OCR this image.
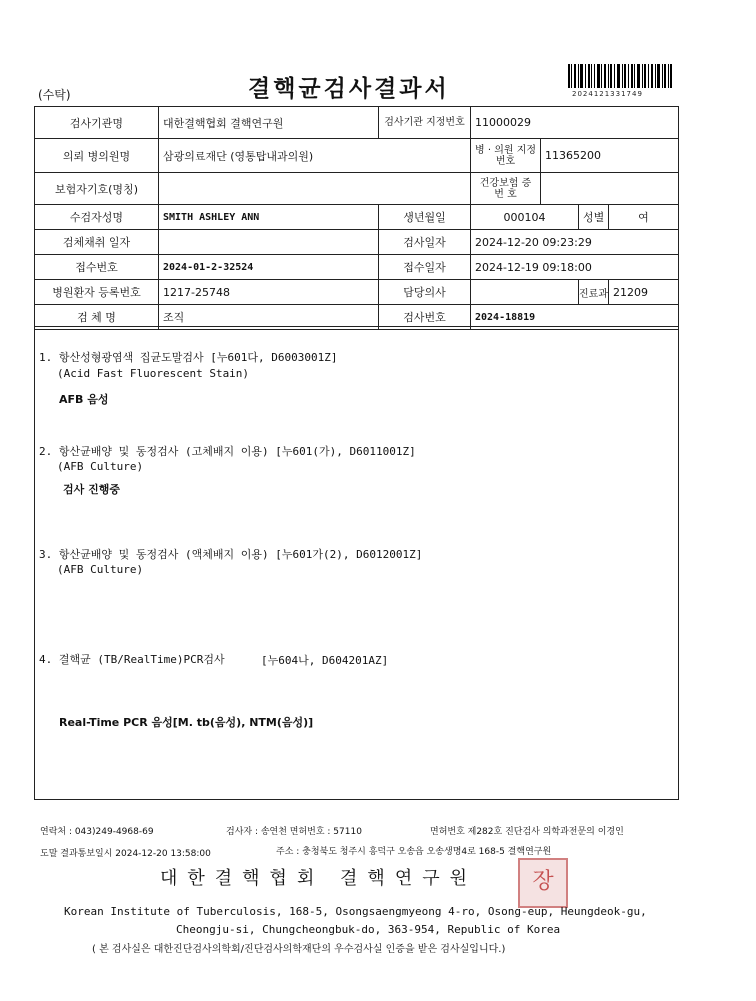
(수탁)	결핵균검사결과서	2024121331749
검사기관명	대한결핵협회 결핵연구원	검사기관 지정번호	11000029			
의뢰 병의원명	삼광의료재단 (영통탑내과의원)		병 · 의원 지정번호	11365200		
보험자기호(명칭)			건강보험 증 번 호			
수검자성명	SMITH ASHLEY ANN	생년월일	000104		성별	여
검체채취 일자		검사일자	2024-12-20 09:23:29			
접수번호	2024-01-2-32524	접수일자	2024-12-19 09:18:00			
병원환자 등록번호	1217-25748	담당의사			진료과	21209
검 체 명	조직	검사번호	2024-18819			
1. 항산성형광염색 집균도말검사 [누601다, D6003001Z]
(Acid Fast Fluorescent Stain)
AFB 음성
2. 항산균배양 및 동정검사 (고체배지 이용) [누601(가), D6011001Z]
(AFB Culture)
검사 진행중
3. 항산균배양 및 동정검사 (액체배지 이용) [누601가(2), D6012001Z]
(AFB Culture)
4. 결핵균 (TB/RealTime)PCR검사	[누604나, D604201AZ]
Real-Time PCR 음성[M. tb(음성), NTM(음성)]
연락처 : 043)249-4968-69	검사자 : 송연천 면허번호 : 57110	면허번호 제282호 진단검사 의학과전문의 이경인
도말 결과통보일시 2024-12-20 13:58:00	주소 : 충청북도 청주시 흥덕구 오송읍 오송생명4로 168-5 결핵연구원
대한결핵협회 결핵연구원	장
Korean Institute of Tuberculosis, 168-5, Osongsaengmyeong 4-ro, Osong-eup, Heungdeok-gu,
Cheongju-si, Chungcheongbuk-do, 363-954, Republic of Korea
( 본 검사실은 대한진단검사의학회/진단검사의학재단의 우수검사실 인증을 받은 검사실입니다.)
